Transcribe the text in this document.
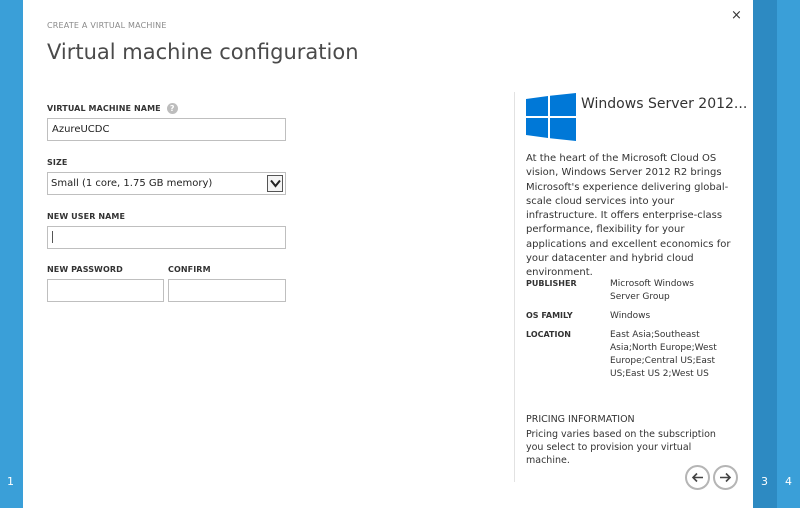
1	3 4
×
CREATE A VIRTUAL MACHINE
Virtual machine configuration
VIRTUAL MACHINE NAME ?
AzureUCDC
SIZE
Small (1 core, 1.75 GB memory)
NEW USER NAME
NEW PASSWORD	CONFIRM
Windows Server 2012...
At the heart of the Microsoft Cloud OS vision, Windows Server 2012 R2 brings Microsoft's experience delivering global-scale cloud services into your infrastructure. It offers enterprise-class performance, flexibility for your applications and excellent economics for your datacenter and hybrid cloud environment.
PUBLISHER	Microsoft Windows Server Group
OS FAMILY	Windows
LOCATION	East Asia;Southeast Asia;North Europe;West Europe;Central US;East US;East US 2;West US
PRICING INFORMATION
Pricing varies based on the subscription you select to provision your virtual machine.
